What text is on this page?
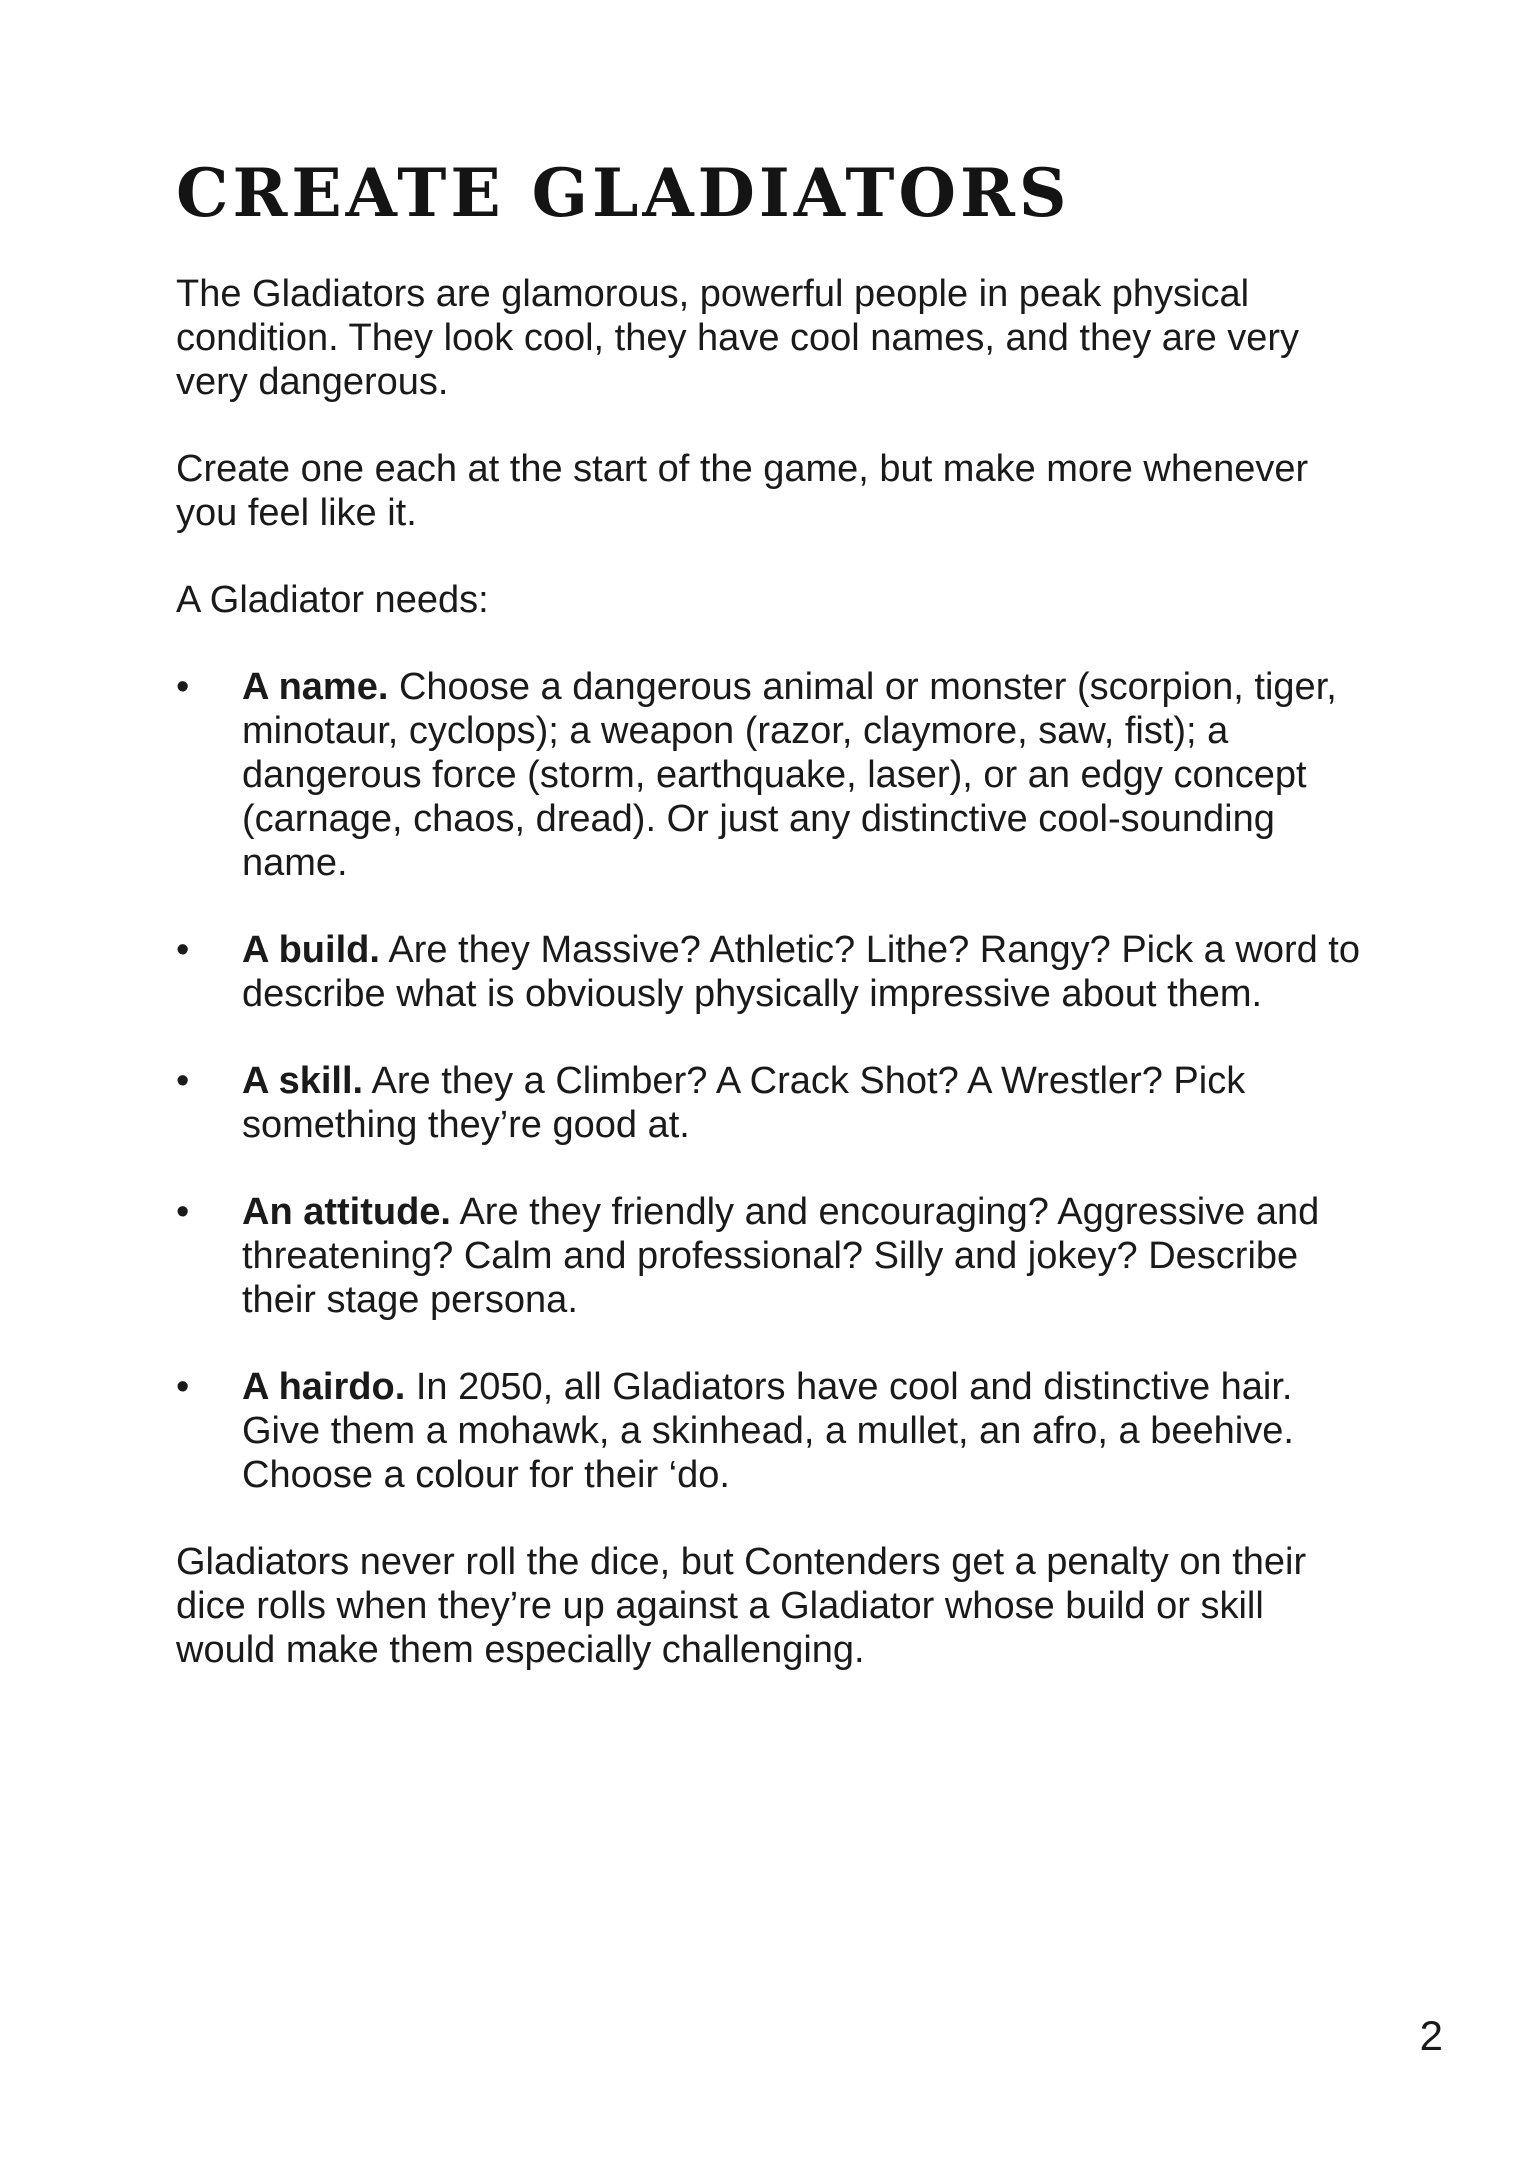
CREATE GLADIATORS

The Gladiators are glamorous, powerful people in peak physical condition. They look cool, they have cool names, and they are very very dangerous.

Create one each at the start of the game, but make more whenever you feel like it.

A Gladiator needs:

•	A name. Choose a dangerous animal or monster (scorpion, tiger, minotaur, cyclops); a weapon (razor, claymore, saw, fist); a dangerous force (storm, earthquake, laser), or an edgy concept (carnage, chaos, dread). Or just any distinctive cool-sounding name.
•	A build. Are they Massive? Athletic? Lithe? Rangy? Pick a word to describe what is obviously physically impressive about them.
•	A skill. Are they a Climber? A Crack Shot? A Wrestler? Pick something they’re good at.
•	An attitude. Are they friendly and encouraging? Aggressive and threatening? Calm and professional? Silly and jokey? Describe their stage persona.
•	A hairdo. In 2050, all Gladiators have cool and distinctive hair. Give them a mohawk, a skinhead, a mullet, an afro, a beehive. Choose a colour for their ‘do.

Gladiators never roll the dice, but Contenders get a penalty on their dice rolls when they’re up against a Gladiator whose build or skill would make them especially challenging.

2
